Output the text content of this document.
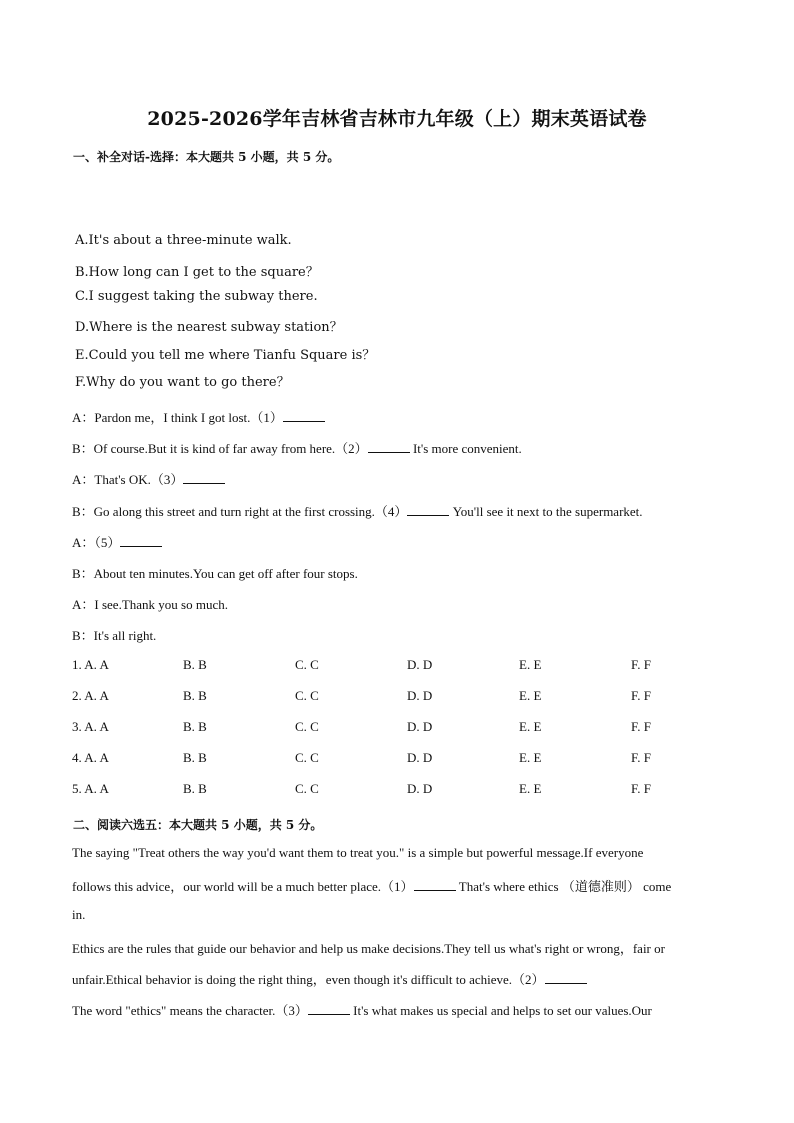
2025-2026学年吉林省吉林市九年级（上）期末英语试卷
一、补全对话-选择：本大题共 5 小题，共 5 分。
A.It's about a three-minute walk.
B.How long can I get to the square？
C.I suggest taking the subway there.
D.Where is the nearest subway station？
E.Could you tell me where Tianfu Square is？
F.Why do you want to go there？
A：Pardon me，I think I got lost.（1）
B：Of course.But it is kind of far away from here.（2）	It's more convenient.
A：That's OK.（3）
B：Go along this street and turn right at the first crossing.（4）	You'll see it next to the supermarket.
A：（5）
B：About ten minutes.You can get off after four stops.
A：I see.Thank you so much.
B：It's all right.
1. A. A	B. B	C. C	D. D	E. E	F. F
2. A. A	B. B	C. C	D. D	E. E	F. F
3. A. A	B. B	C. C	D. D	E. E	F. F
4. A. A	B. B	C. C	D. D	E. E	F. F
5. A. A	B. B	C. C	D. D	E. E	F. F
二、阅读六选五：本大题共 5 小题，共 5 分。
The saying "Treat others the way you'd want them to treat you." is a simple but powerful message.If everyone
follows this advice，our world will be a much better place.（1）	That's where ethics （道德准则） come
in.
Ethics are the rules that guide our behavior and help us make decisions.They tell us what's right or wrong，fair or
unfair.Ethical behavior is doing the right thing，even though it's difficult to achieve.（2）
The word "ethics" means the character.（3）	It's what makes us special and helps to set our values.Our
